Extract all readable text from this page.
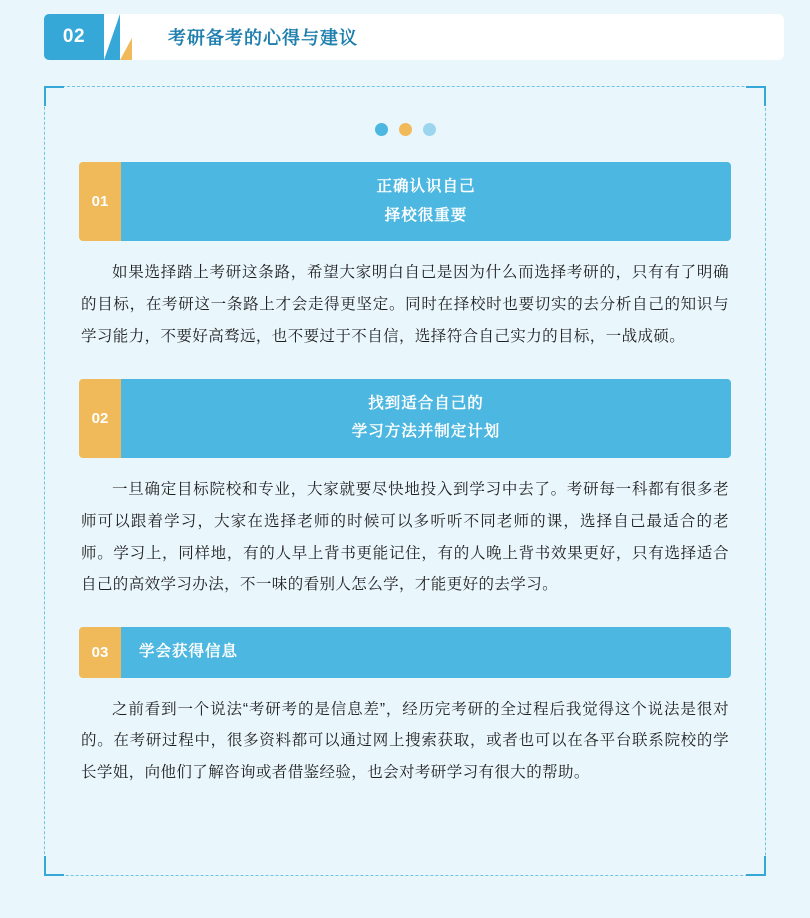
02	考研备考的心得与建议
01
正确认识自己
择校很重要

如果选择踏上考研这条路，希望大家明白自己是因为什么而选择考研的，只有有了明确的目标，在考研这一条路上才会走得更坚定。同时在择校时也要切实的去分析自己的知识与学习能力，不要好高骛远，也不要过于不自信，选择符合自己实力的目标，一战成硕。

02
找到适合自己的
学习方法并制定计划

一旦确定目标院校和专业，大家就要尽快地投入到学习中去了。考研每一科都有很多老师可以跟着学习，大家在选择老师的时候可以多听听不同老师的课，选择自己最适合的老师。学习上，同样地，有的人早上背书更能记住，有的人晚上背书效果更好，只有选择适合自己的高效学习办法，不一味的看别人怎么学，才能更好的去学习。

03	学会获得信息

之前看到一个说法“考研考的是信息差”，经历完考研的全过程后我觉得这个说法是很对的。在考研过程中，很多资料都可以通过网上搜索获取，或者也可以在各平台联系院校的学长学姐，向他们了解咨询或者借鉴经验，也会对考研学习有很大的帮助。
